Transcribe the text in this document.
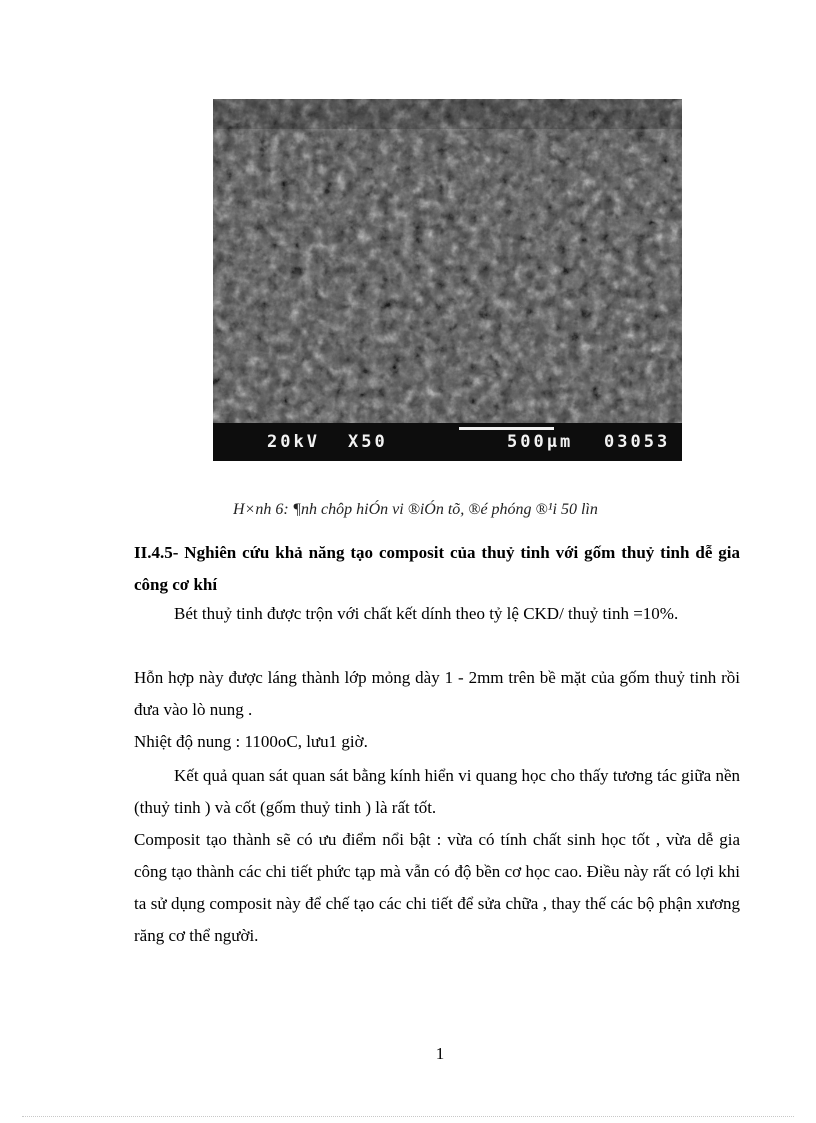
20kV X50	500µm 03053
H×nh 6: ¶nh chôp hiÓn vi ®iÓn tõ, ®é phóng ®¹i 50 lìn
II.4.5- Nghiên cứu khả năng tạo composit của thuỷ tinh với gốm thuỷ tinh dễ gia công cơ khí

Bét thuỷ tinh được trộn với chất kết dính theo tỷ lệ CKD/ thuỷ tinh =10%.

Hỗn hợp này được láng thành lớp mỏng dày 1 - 2mm trên bề mặt của gốm thuỷ tinh rồi đưa vào lò nung .

Nhiệt độ nung : 1100oC, lưu1 giờ.

Kết quả quan sát quan sát bằng kính hiển vi quang học cho thấy tương tác giữa nền (thuỷ tinh ) và cốt (gốm thuỷ tinh ) là rất tốt.

Composit tạo thành sẽ có ưu điểm nổi bật : vừa có tính chất sinh học tốt , vừa dễ gia công tạo thành các chi tiết phức tạp mà vẫn có độ bền cơ học cao. Điều này rất có lợi khi ta sử dụng composit này để chế tạo các chi tiết để sửa chữa , thay thế các bộ phận xương răng cơ thể người.

1
